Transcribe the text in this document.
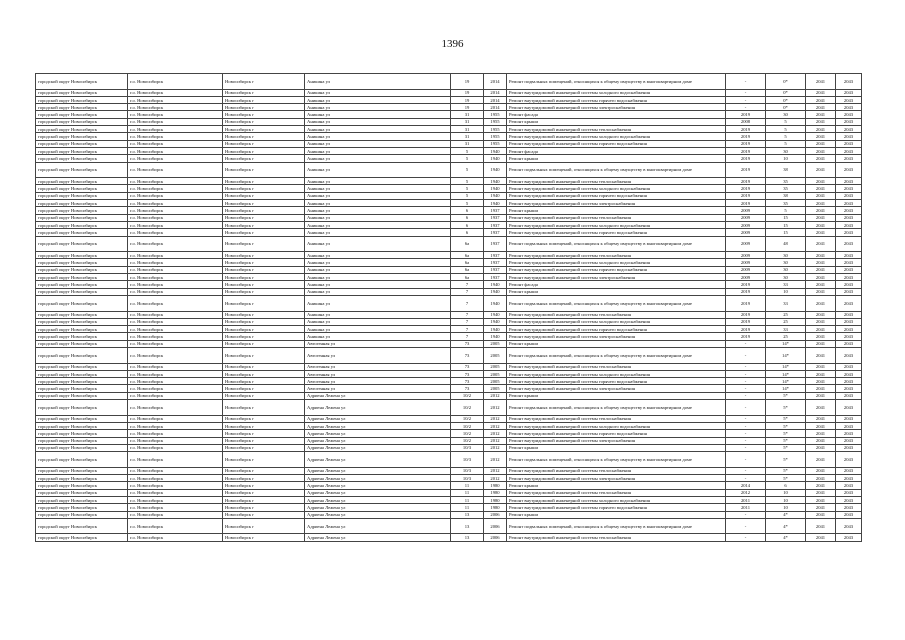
1396
городской округ Новосибирск	г.о. Новосибирск	Новосибирск г	Аникина ул	19	2014	Ремонт подвальных помещений, относящихся к общему имуществу в многоквартирном доме	-	0*	2041	2043
городской округ Новосибирск	г.о. Новосибирск	Новосибирск г	Аникина ул	19	2014	Ремонт внутридомовой инженерной системы холодного водоснабжения	-	0*	2041	2043
городской округ Новосибирск	г.о. Новосибирск	Новосибирск г	Аникина ул	19	2014	Ремонт внутридомовой инженерной системы горячего водоснабжения	-	0*	2041	2043
городской округ Новосибирск	г.о. Новосибирск	Новосибирск г	Аникина ул	19	2014	Ремонт внутридомовой инженерной системы электроснабжения	-	0*	2041	2043
городской округ Новосибирск	г.о. Новосибирск	Новосибирск г	Аникина ул	31	1955	Ремонт фасада	2019	30	2041	2043
городской округ Новосибирск	г.о. Новосибирск	Новосибирск г	Аникина ул	31	1955	Ремонт крыши	2008	5	2041	2043
городской округ Новосибирск	г.о. Новосибирск	Новосибирск г	Аникина ул	31	1955	Ремонт внутридомовой инженерной системы теплоснабжения	2019	5	2041	2043
городской округ Новосибирск	г.о. Новосибирск	Новосибирск г	Аникина ул	31	1955	Ремонт внутридомовой инженерной системы холодного водоснабжения	2019	5	2041	2043
городской округ Новосибирск	г.о. Новосибирск	Новосибирск г	Аникина ул	31	1955	Ремонт внутридомовой инженерной системы горячего водоснабжения	2019	5	2041	2043
городской округ Новосибирск	г.о. Новосибирск	Новосибирск г	Аникина ул	5	1940	Ремонт фасада	2019	30	2041	2043
городской округ Новосибирск	г.о. Новосибирск	Новосибирск г	Аникина ул	5	1940	Ремонт крыши	2019	10	2041	2043
городской округ Новосибирск	г.о. Новосибирск	Новосибирск г	Аникина ул	5	1940	Ремонт подвальных помещений, относящихся к общему имуществу в многоквартирном доме	2019	38	2041	2043
городской округ Новосибирск	г.о. Новосибирск	Новосибирск г	Аникина ул	5	1940	Ремонт внутридомовой инженерной системы теплоснабжения	2019	35	2041	2043
городской округ Новосибирск	г.о. Новосибирск	Новосибирск г	Аникина ул	5	1940	Ремонт внутридомовой инженерной системы холодного водоснабжения	2019	35	2041	2043
городской округ Новосибирск	г.о. Новосибирск	Новосибирск г	Аникина ул	5	1940	Ремонт внутридомовой инженерной системы горячего водоснабжения	2019	38	2041	2043
городской округ Новосибирск	г.о. Новосибирск	Новосибирск г	Аникина ул	5	1940	Ремонт внутридомовой инженерной системы электроснабжения	2019	35	2041	2043
городской округ Новосибирск	г.о. Новосибирск	Новосибирск г	Аникина ул	6	1937	Ремонт крыши	2009	5	2041	2043
городской округ Новосибирск	г.о. Новосибирск	Новосибирск г	Аникина ул	6	1937	Ремонт внутридомовой инженерной системы теплоснабжения	2009	15	2041	2043
городской округ Новосибирск	г.о. Новосибирск	Новосибирск г	Аникина ул	6	1937	Ремонт внутридомовой инженерной системы холодного водоснабжения	2009	15	2041	2043
городской округ Новосибирск	г.о. Новосибирск	Новосибирск г	Аникина ул	6	1937	Ремонт внутридомовой инженерной системы горячего водоснабжения	2009	15	2041	2043
городской округ Новосибирск	г.о. Новосибирск	Новосибирск г	Аникина ул	6а	1937	Ремонт подвальных помещений, относящихся к общему имуществу в многоквартирном доме	2009	48	2041	2043
городской округ Новосибирск	г.о. Новосибирск	Новосибирск г	Аникина ул	6а	1937	Ремонт внутридомовой инженерной системы теплоснабжения	2009	30	2041	2043
городской округ Новосибирск	г.о. Новосибирск	Новосибирск г	Аникина ул	6а	1937	Ремонт внутридомовой инженерной системы холодного водоснабжения	2009	30	2041	2043
городской округ Новосибирск	г.о. Новосибирск	Новосибирск г	Аникина ул	6а	1937	Ремонт внутридомовой инженерной системы горячего водоснабжения	2009	30	2041	2043
городской округ Новосибирск	г.о. Новосибирск	Новосибирск г	Аникина ул	6а	1937	Ремонт внутридомовой инженерной системы электроснабжения	2009	30	2041	2043
городской округ Новосибирск	г.о. Новосибирск	Новосибирск г	Аникина ул	7	1940	Ремонт фасада	2019	33	2041	2043
городской округ Новосибирск	г.о. Новосибирск	Новосибирск г	Аникина ул	7	1940	Ремонт крыши	2019	10	2041	2043
городской округ Новосибирск	г.о. Новосибирск	Новосибирск г	Аникина ул	7	1940	Ремонт подвальных помещений, относящихся к общему имуществу в многоквартирном доме	2019	33	2041	2043
городской округ Новосибирск	г.о. Новосибирск	Новосибирск г	Аникина ул	7	1940	Ремонт внутридомовой инженерной системы теплоснабжения	2019	25	2041	2043
городской округ Новосибирск	г.о. Новосибирск	Новосибирск г	Аникина ул	7	1940	Ремонт внутридомовой инженерной системы холодного водоснабжения	2019	25	2041	2043
городской округ Новосибирск	г.о. Новосибирск	Новосибирск г	Аникина ул	7	1940	Ремонт внутридомовой инженерной системы горячего водоснабжения	2019	33	2041	2043
городской округ Новосибирск	г.о. Новосибирск	Новосибирск г	Аникина ул	7	1940	Ремонт внутридомовой инженерной системы электроснабжения	2019	25	2041	2043
городской округ Новосибирск	г.о. Новосибирск	Новосибирск г	Автогенная ул	73	2005	Ремонт крыши	-	14*	2041	2043
городской округ Новосибирск	г.о. Новосибирск	Новосибирск г	Автогенная ул	73	2005	Ремонт подвальных помещений, относящихся к общему имуществу в многоквартирном доме	-	14*	2041	2043
городской округ Новосибирск	г.о. Новосибирск	Новосибирск г	Автогенная ул	73	2005	Ремонт внутридомовой инженерной системы теплоснабжения	-	14*	2041	2043
городской округ Новосибирск	г.о. Новосибирск	Новосибирск г	Автогенная ул	73	2005	Ремонт внутридомовой инженерной системы холодного водоснабжения	-	14*	2041	2043
городской округ Новосибирск	г.о. Новосибирск	Новосибирск г	Автогенная ул	73	2005	Ремонт внутридомовой инженерной системы горячего водоснабжения	-	14*	2041	2043
городской округ Новосибирск	г.о. Новосибирск	Новосибирск г	Автогенная ул	73	2005	Ремонт внутридомовой инженерной системы электроснабжения	-	14*	2041	2043
городской округ Новосибирск	г.о. Новосибирск	Новосибирск г	Адриена Лежена ул	10/2	2012	Ремонт крыши	-	5*	2041	2043
городской округ Новосибирск	г.о. Новосибирск	Новосибирск г	Адриена Лежена ул	10/2	2012	Ремонт подвальных помещений, относящихся к общему имуществу в многоквартирном доме	-	5*	2041	2043
городской округ Новосибирск	г.о. Новосибирск	Новосибирск г	Адриена Лежена ул	10/2	2012	Ремонт внутридомовой инженерной системы теплоснабжения	-	5*	2041	2043
городской округ Новосибирск	г.о. Новосибирск	Новосибирск г	Адриена Лежена ул	10/2	2012	Ремонт внутридомовой инженерной системы холодного водоснабжения	-	5*	2041	2043
городской округ Новосибирск	г.о. Новосибирск	Новосибирск г	Адриена Лежена ул	10/2	2012	Ремонт внутридомовой инженерной системы горячего водоснабжения	-	5*	2041	2043
городской округ Новосибирск	г.о. Новосибирск	Новосибирск г	Адриена Лежена ул	10/2	2012	Ремонт внутридомовой инженерной системы электроснабжения	-	5*	2041	2043
городской округ Новосибирск	г.о. Новосибирск	Новосибирск г	Адриена Лежена ул	10/3	2012	Ремонт крыши	-	5*	2041	2043
городской округ Новосибирск	г.о. Новосибирск	Новосибирск г	Адриена Лежена ул	10/3	2012	Ремонт подвальных помещений, относящихся к общему имуществу в многоквартирном доме	-	5*	2041	2043
городской округ Новосибирск	г.о. Новосибирск	Новосибирск г	Адриена Лежена ул	10/3	2012	Ремонт внутридомовой инженерной системы теплоснабжения	-	5*	2041	2043
городской округ Новосибирск	г.о. Новосибирск	Новосибирск г	Адриена Лежена ул	10/3	2012	Ремонт внутридомовой инженерной системы электроснабжения	-	5*	2041	2043
городской округ Новосибирск	г.о. Новосибирск	Новосибирск г	Адриена Лежена ул	11	1980	Ремонт крыши	2014	6	2041	2043
городской округ Новосибирск	г.о. Новосибирск	Новосибирск г	Адриена Лежена ул	11	1980	Ремонт внутридомовой инженерной системы теплоснабжения	2012	10	2041	2043
городской округ Новосибирск	г.о. Новосибирск	Новосибирск г	Адриена Лежена ул	11	1980	Ремонт внутридомовой инженерной системы холодного водоснабжения	2011	10	2041	2043
городской округ Новосибирск	г.о. Новосибирск	Новосибирск г	Адриена Лежена ул	11	1980	Ремонт внутридомовой инженерной системы горячего водоснабжения	2011	10	2041	2043
городской округ Новосибирск	г.о. Новосибирск	Новосибирск г	Адриена Лежена ул	13	2006	Ремонт крыши	-	4*	2041	2043
городской округ Новосибирск	г.о. Новосибирск	Новосибирск г	Адриена Лежена ул	13	2006	Ремонт подвальных помещений, относящихся к общему имуществу в многоквартирном доме	-	4*	2041	2043
городской округ Новосибирск	г.о. Новосибирск	Новосибирск г	Адриена Лежена ул	13	2006	Ремонт внутридомовой инженерной системы теплоснабжения	-	4*	2041	2043
